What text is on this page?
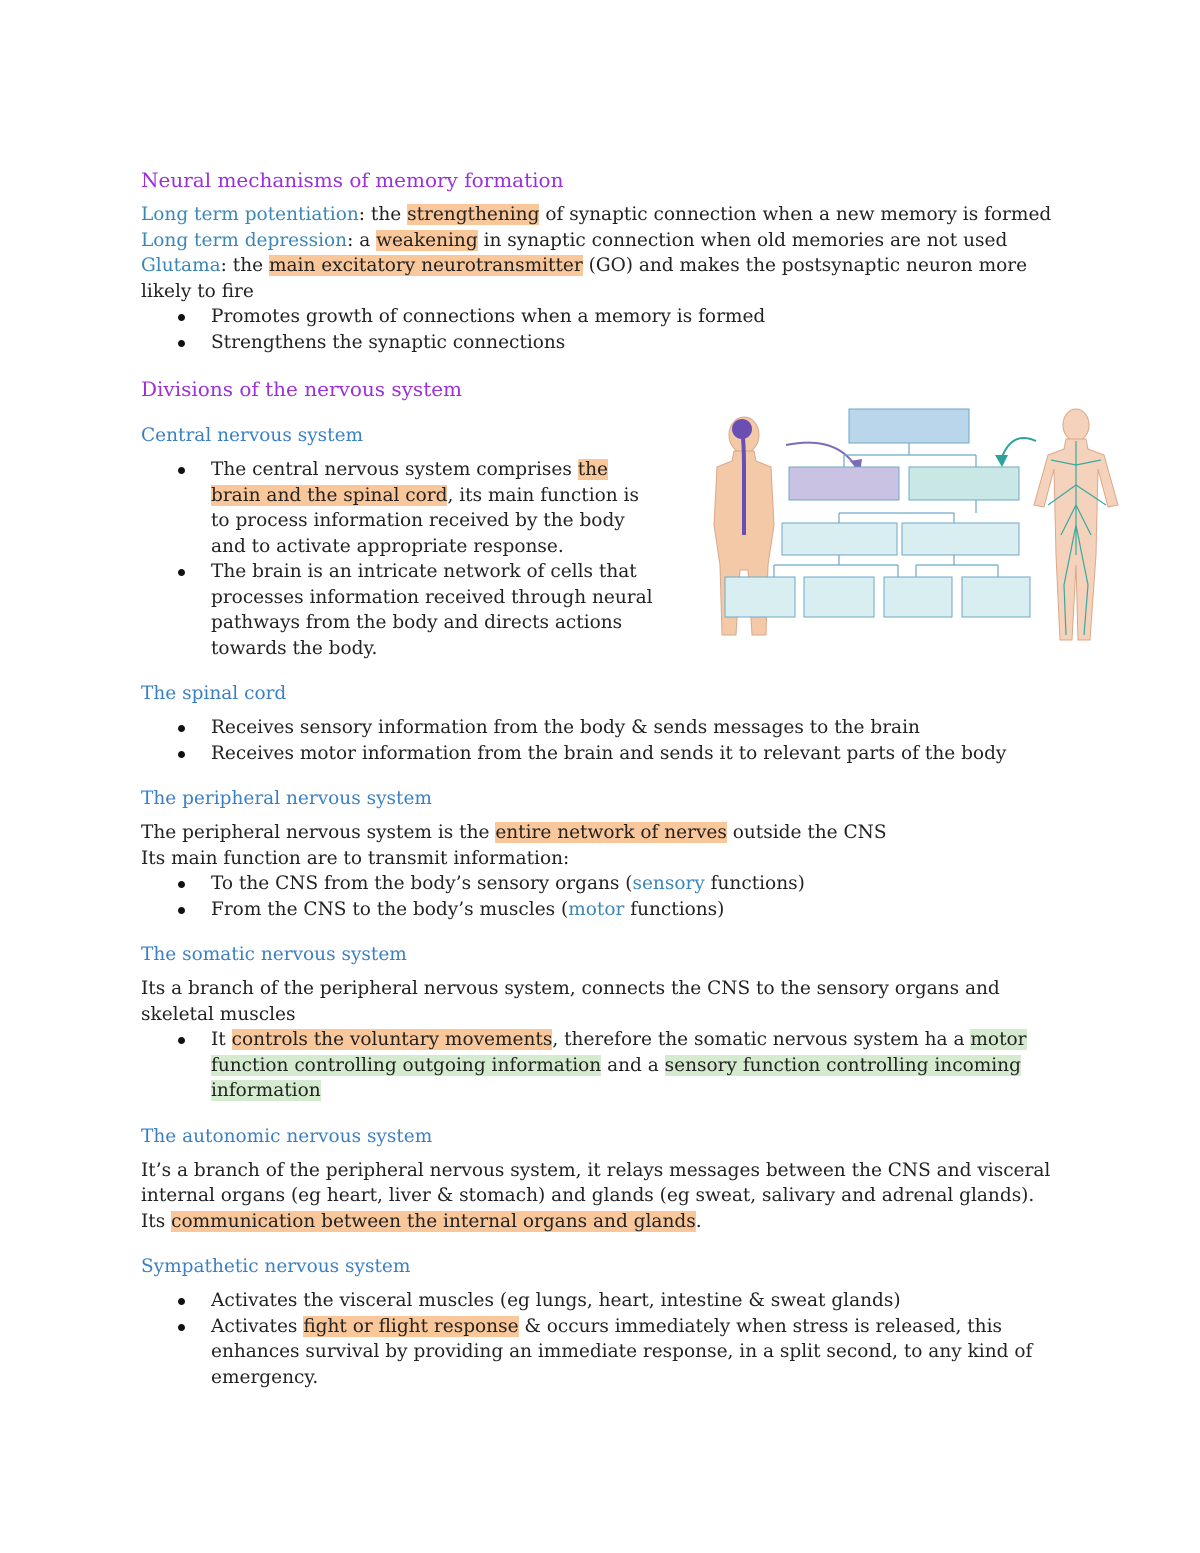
Neural mechanisms of memory formation

Long term potentiation: the strengthening of synaptic connection when a new memory is formed

Long term depression: a weakening in synaptic connection when old memories are not used

Glutama: the main excitatory neurotransmitter (GO) and makes the postsynaptic neuron more likely to fire

Promotes growth of connections when a memory is formed
Strengthens the synaptic connections
Divisions of the nervous system
Central nervous system
The central nervous system comprises the brain and the spinal cord, its main function is to process information received by the body and to activate appropriate response.
The brain is an intricate network of cells that processes information received through neural pathways from the body and directs actions towards the body.
The spinal cord
Receives sensory information from the body & sends messages to the brain
Receives motor information from the brain and sends it to relevant parts of the body
The peripheral nervous system

The peripheral nervous system is the entire network of nerves outside the CNS

Its main function are to transmit information:

To the CNS from the body’s sensory organs (sensory functions)
From the CNS to the body’s muscles (motor functions)
The somatic nervous system

Its a branch of the peripheral nervous system, connects the CNS to the sensory organs and skeletal muscles

It controls the voluntary movements, therefore the somatic nervous system ha a motor function controlling outgoing information and a sensory function controlling incoming information
The autonomic nervous system

It’s a branch of the peripheral nervous system, it relays messages between the CNS and visceral internal organs (eg heart, liver & stomach) and glands (eg sweat, salivary and adrenal glands). Its communication between the internal organs and glands.

Sympathetic nervous system
Activates the visceral muscles (eg lungs, heart, intestine & sweat glands)
Activates fight or flight response & occurs immediately when stress is released, this enhances survival by providing an immediate response, in a split second, to any kind of emergency.
